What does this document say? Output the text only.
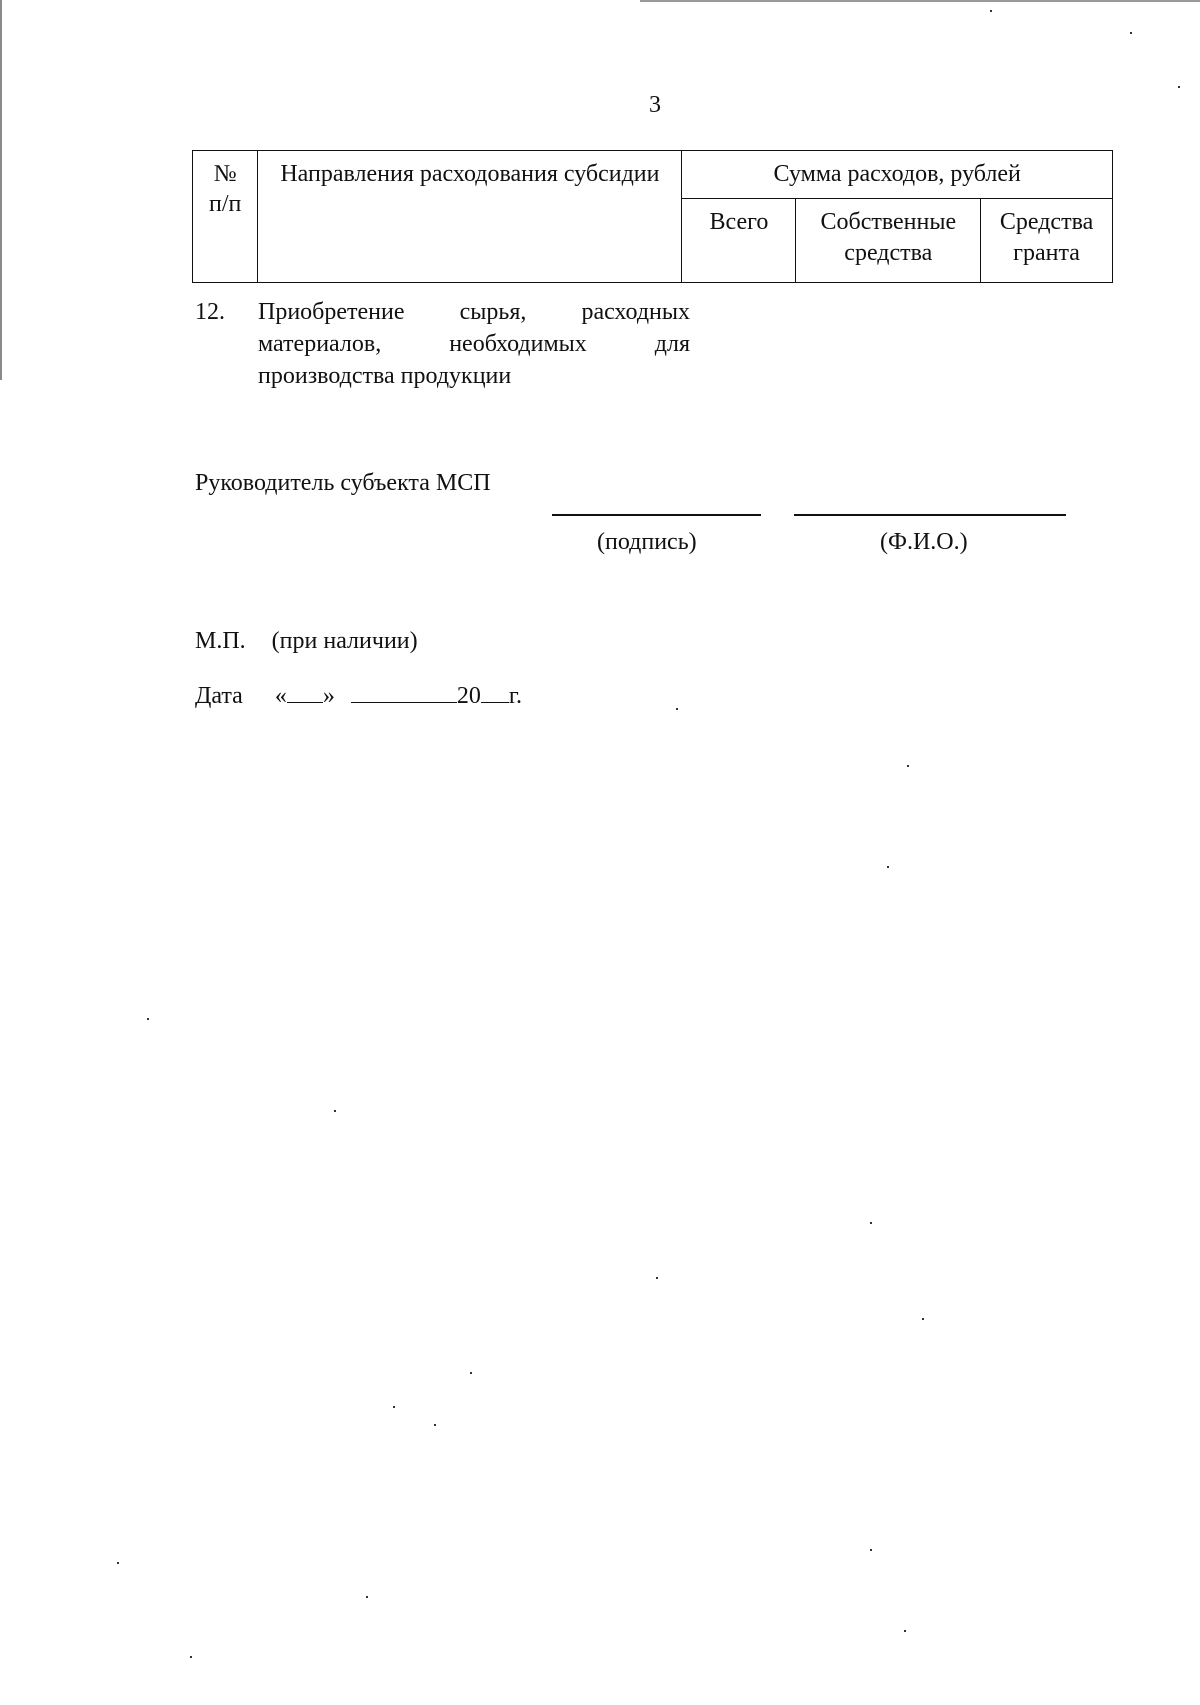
3
№
п/п	Направления расходования субсидии	Сумма расходов, рублей		
		Всего	Собственные средства	Средства гранта
12. Приобретение сырья, расходных материалов, необходимых для производства продукции
Руководитель субъекта МСП
(подпись)	(Ф.И.О.)
М.П. (при наличии)
Дата « »	20 г.
